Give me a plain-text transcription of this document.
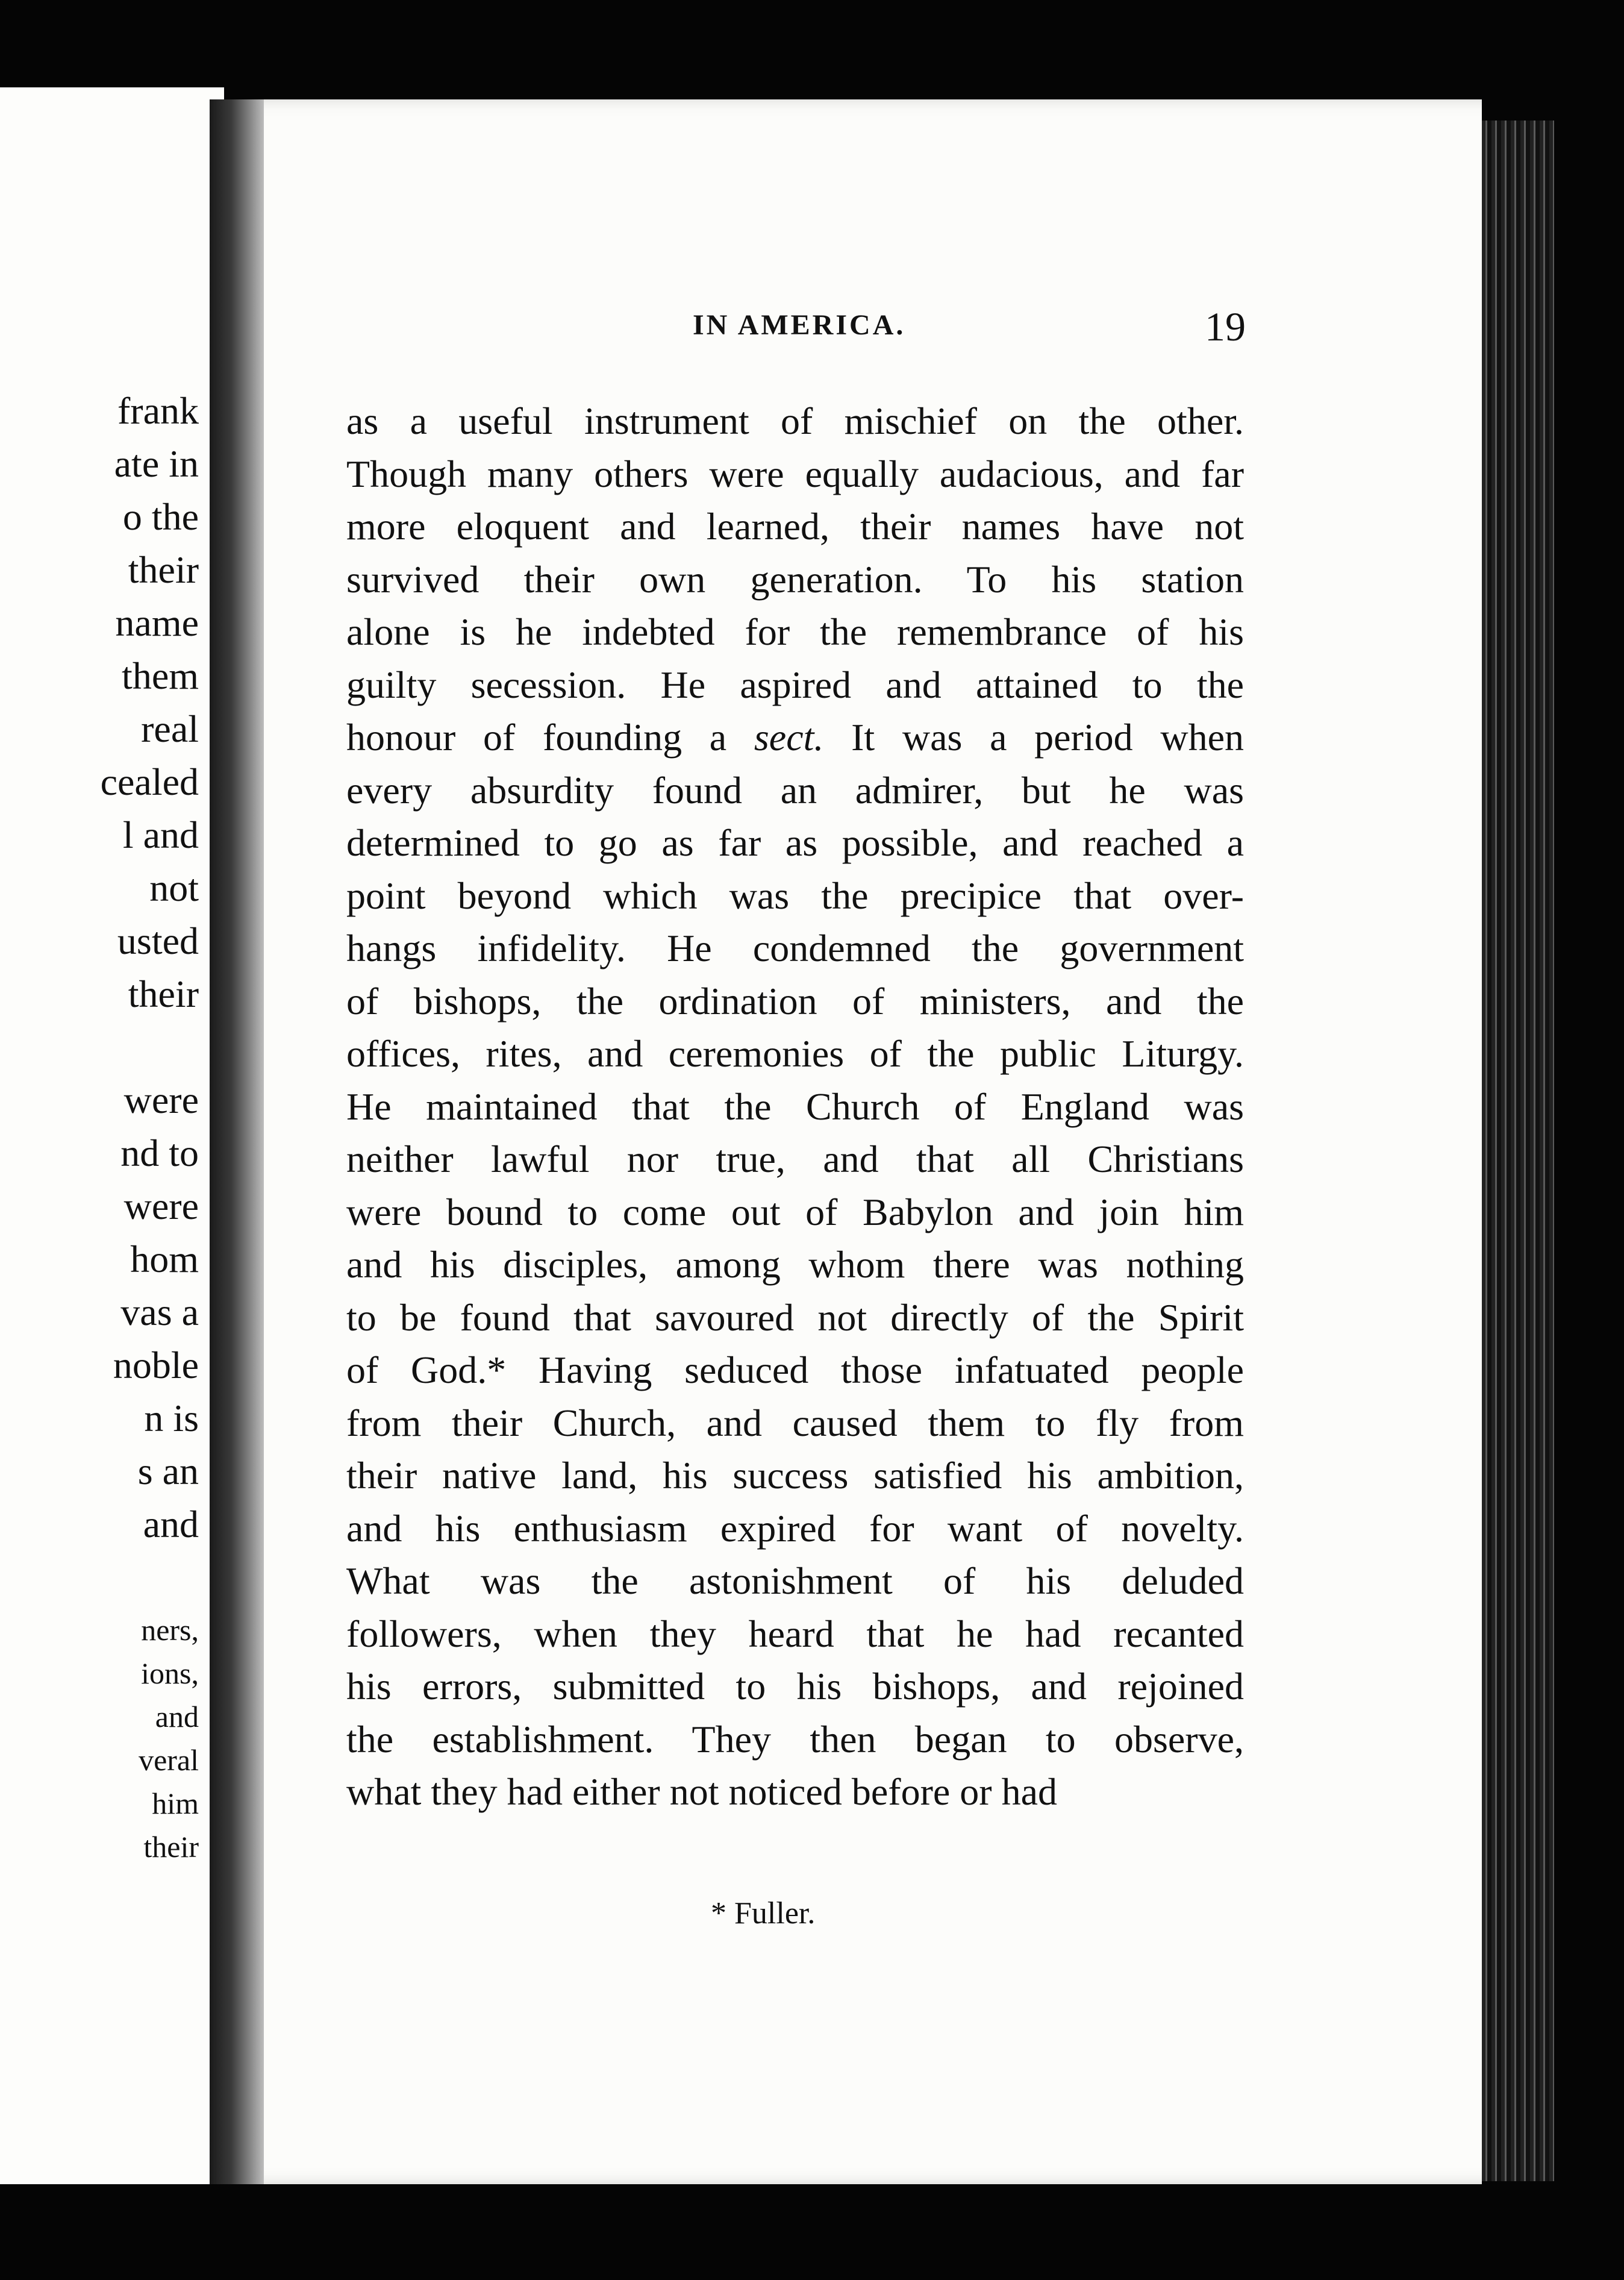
frank
ate in
o the
their
name
them
real
cealed
l and
not
usted
their
were
nd to
were
hom
vas a
noble
n is
s an
and
ners,
ions,
and
veral
him
their
IN AMERICA.	19
as a useful instrument of mischief on the other.
Though many others were equally audacious, and far
more eloquent and learned, their names have not
survived their own generation. To his station
alone is he indebted for the remembrance of his
guilty secession. He aspired and attained to the
honour of founding a sect. It was a period when
every absurdity found an admirer, but he was
determined to go as far as possible, and reached a
point beyond which was the precipice that over-
hangs infidelity. He condemned the government
of bishops, the ordination of ministers, and the
offices, rites, and ceremonies of the public Liturgy.
He maintained that the Church of England was
neither lawful nor true, and that all Christians
were bound to come out of Babylon and join him
and his disciples, among whom there was nothing
to be found that savoured not directly of the Spirit
of God.* Having seduced those infatuated people
from their Church, and caused them to fly from
their native land, his success satisfied his ambition,
and his enthusiasm expired for want of novelty.
What was the astonishment of his deluded
followers, when they heard that he had recanted
his errors, submitted to his bishops, and rejoined
the establishment. They then began to observe,
what they had either not noticed before or had
* Fuller.
